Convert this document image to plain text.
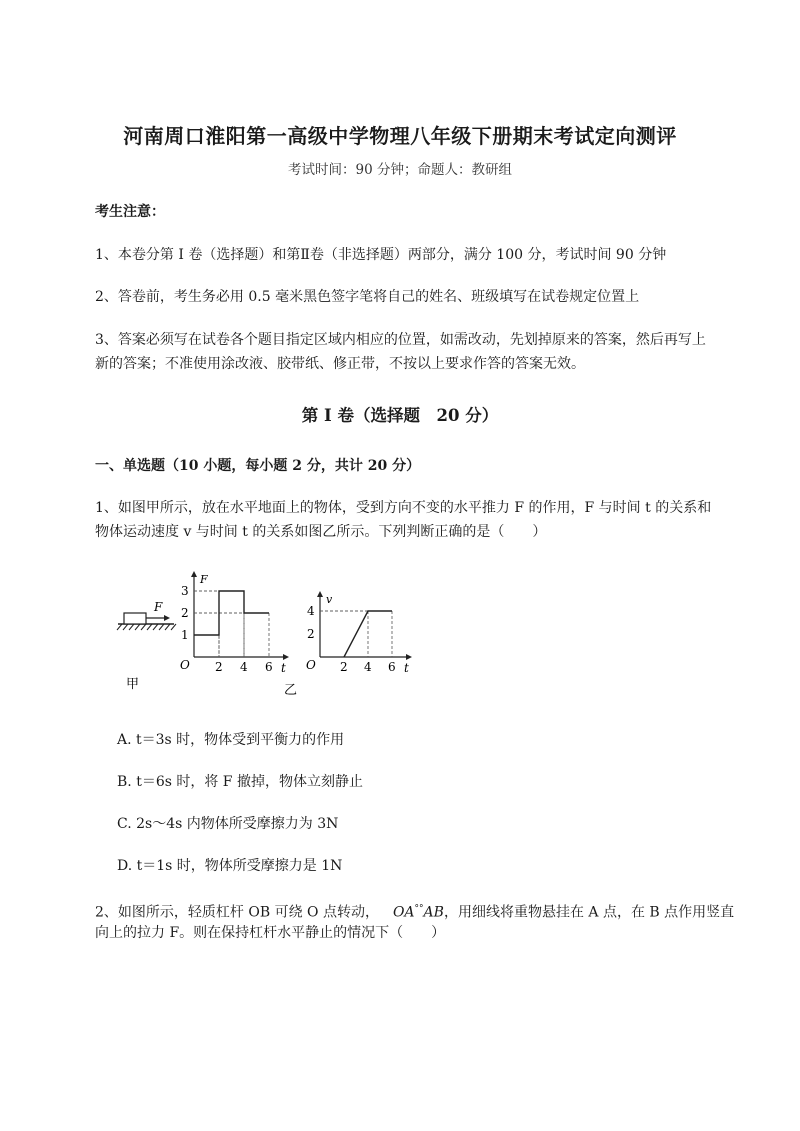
河南周口淮阳第一高级中学物理八年级下册期末考试定向测评
考试时间：90 分钟；命题人：教研组
考生注意：
1、本卷分第 I 卷（选择题）和第Ⅱ卷（非选择题）两部分，满分 100 分，考试时间 90 分钟
2、答卷前，考生务必用 0.5 毫米黑色签字笔将自己的姓名、班级填写在试卷规定位置上
3、答案必须写在试卷各个题目指定区域内相应的位置，如需改动，先划掉原来的答案，然后再写上新的答案；不准使用涂改液、胶带纸、修正带，不按以上要求作答的答案无效。
第 I 卷（选择题　20 分）
一、单选题（10 小题，每小题 2 分，共计 20 分）
1、如图甲所示，放在水平地面上的物体，受到方向不变的水平推力 F 的作用，F 与时间 t 的关系和物体运动速度 v 与时间 t 的关系如图乙所示。下列判断正确的是（　　）
F
甲
F
t
O 2 4 6
1
2
3
v
t
O 2 4 6
2
4
乙
A. t＝3s 时，物体受到平衡力的作用
B. t＝6s 时，将 F 撤掉，物体立刻静止
C. 2s～4s 内物体所受摩擦力为 3N
D. t＝1s 时，物体所受摩擦力是 1N
2、如图所示，轻质杠杆 OB 可绕 O 点转动， OA°°AB，用细线将重物悬挂在 A 点，在 B 点作用竖直
向上的拉力 F。则在保持杠杆水平静止的情况下（　　）
